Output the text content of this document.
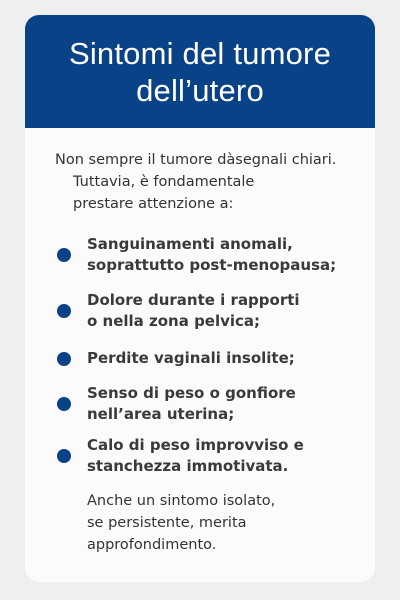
Sintomi del tumore
dell’utero
Non sempre il tumore dàsegnali chiari.
Tuttavia, è fondamentale
prestare attenzione a:
Sanguinamenti anomali,
soprattutto post-menopausa;
Dolore durante i rapporti
o nella zona pelvica;
Perdite vaginali insolite;
Senso di peso o gonfiore
nell’area uterina;
Calo di peso improvviso e
stanchezza immotivata.
Anche un sintomo isolato,
se persistente, merita
approfondimento.
